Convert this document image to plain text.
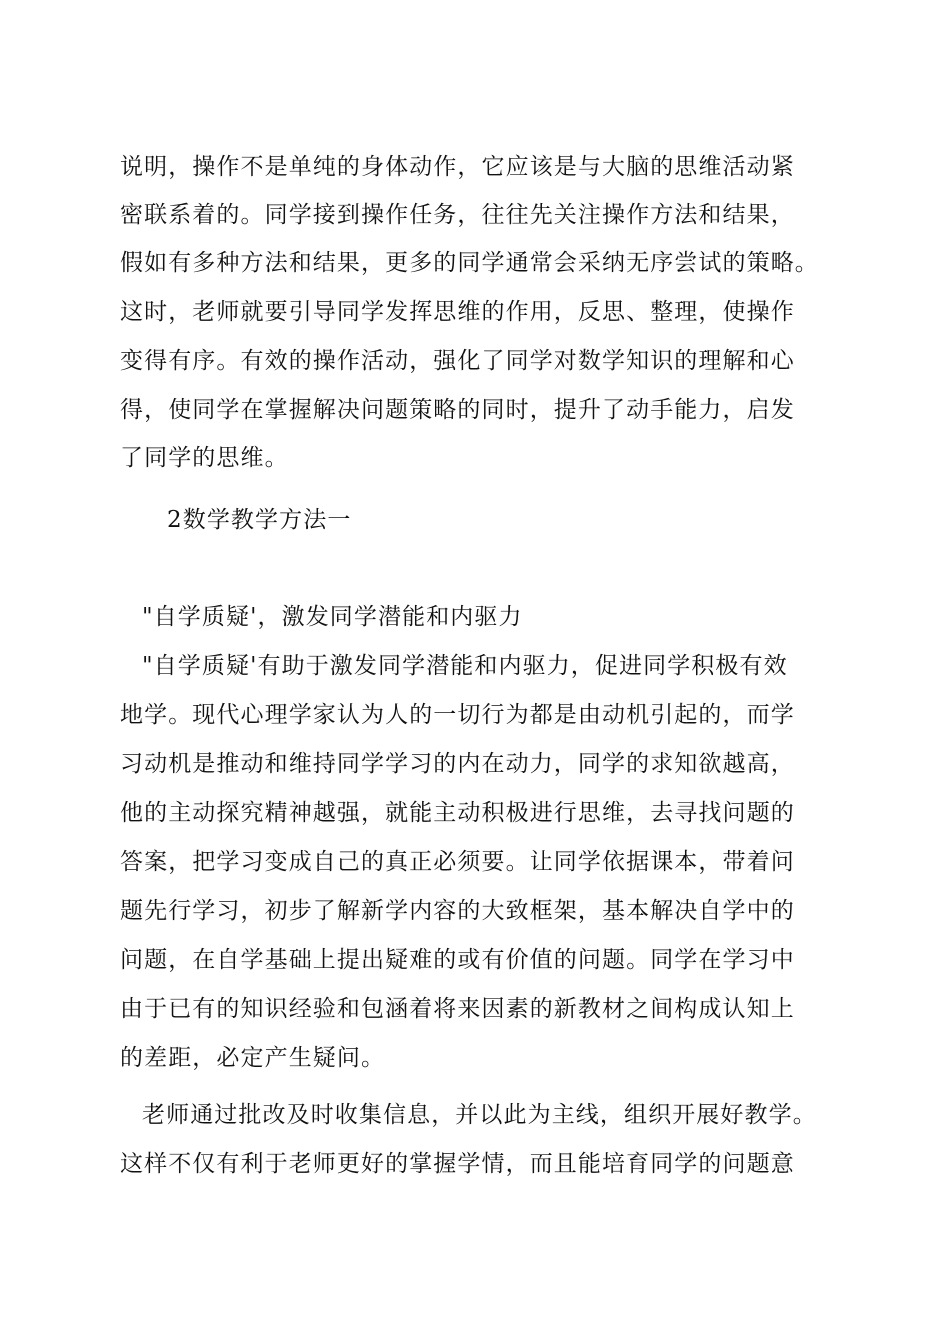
说明，操作不是单纯的身体动作，它应该是与大脑的思维活动紧
密联系着的。同学接到操作任务，往往先关注操作方法和结果，
假如有多种方法和结果，更多的同学通常会采纳无序尝试的策略。
这时，老师就要引导同学发挥思维的作用，反思、整理，使操作
变得有序。有效的操作活动，强化了同学对数学知识的理解和心
得，使同学在掌握解决问题策略的同时，提升了动手能力，启发
了同学的思维。
2数学教学方法一
"自学质疑'，激发同学潜能和内驱力
"自学质疑'有助于激发同学潜能和内驱力，促进同学积极有效
地学。现代心理学家认为人的一切行为都是由动机引起的，而学
习动机是推动和维持同学学习的内在动力，同学的求知欲越高，
他的主动探究精神越强，就能主动积极进行思维，去寻找问题的
答案，把学习变成自己的真正必须要。让同学依据课本，带着问
题先行学习，初步了解新学内容的大致框架，基本解决自学中的
问题，在自学基础上提出疑难的或有价值的问题。同学在学习中
由于已有的知识经验和包涵着将来因素的新教材之间构成认知上
的差距，必定产生疑问。
老师通过批改及时收集信息，并以此为主线，组织开展好教学。
这样不仅有利于老师更好的掌握学情，而且能培育同学的问题意
